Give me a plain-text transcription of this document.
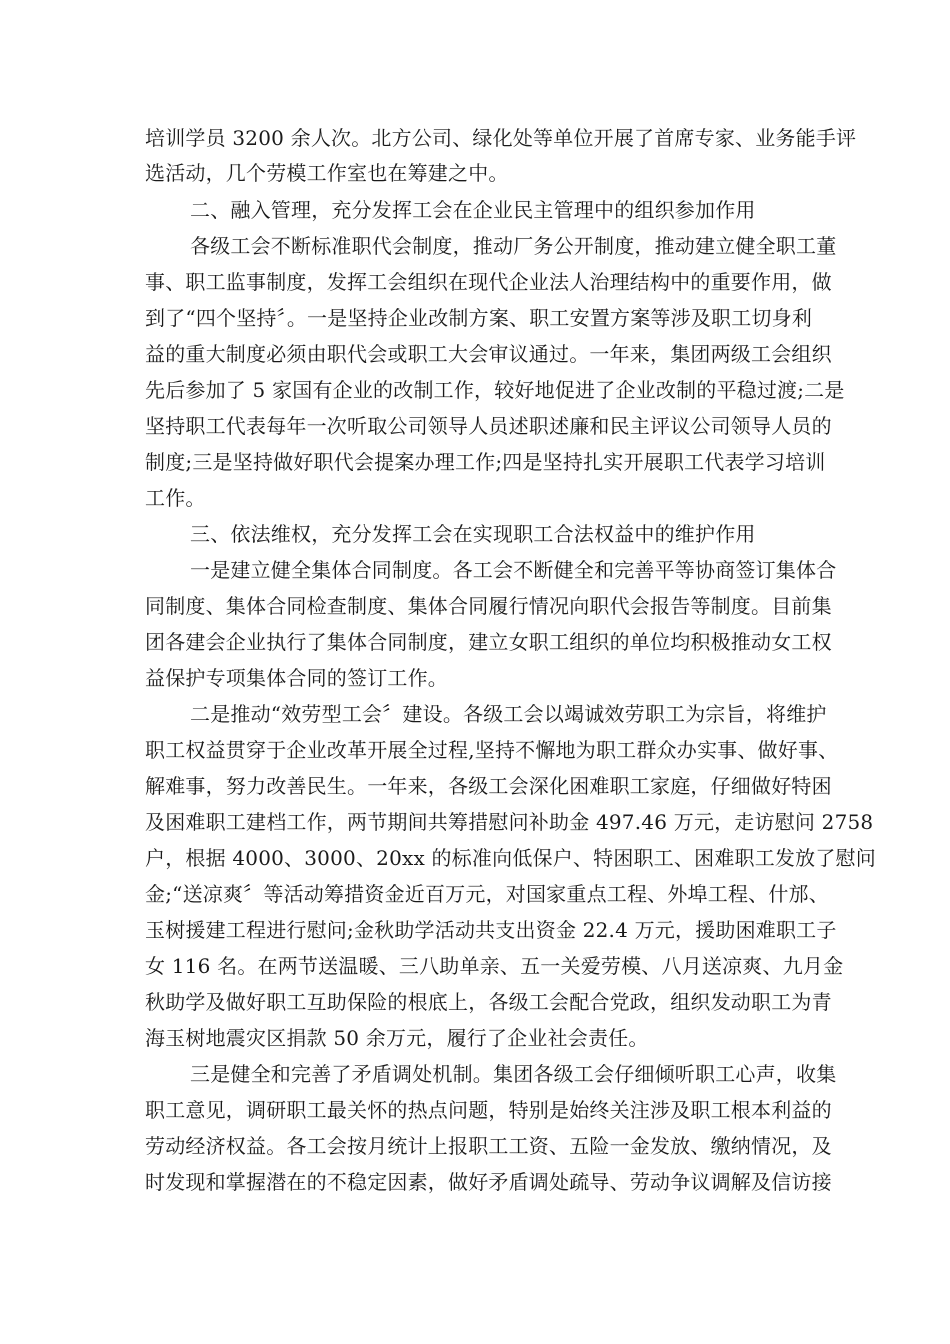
培训学员 3200 余人次。北方公司、绿化处等单位开展了首席专家、业务能手评
选活动，几个劳模工作室也在筹建之中。
二、融入管理，充分发挥工会在企业民主管理中的组织参加作用
各级工会不断标准职代会制度，推动厂务公开制度，推动建立健全职工董
事、职工监事制度，发挥工会组织在现代企业法人治理结构中的重要作用，做
到了“四个坚持〞。一是坚持企业改制方案、职工安置方案等涉及职工切身利
益的重大制度必须由职代会或职工大会审议通过。一年来，集团两级工会组织
先后参加了 5 家国有企业的改制工作，较好地促进了企业改制的平稳过渡;二是
坚持职工代表每年一次听取公司领导人员述职述廉和民主评议公司领导人员的
制度;三是坚持做好职代会提案办理工作;四是坚持扎实开展职工代表学习培训
工作。
三、依法维权，充分发挥工会在实现职工合法权益中的维护作用
一是建立健全集体合同制度。各工会不断健全和完善平等协商签订集体合
同制度、集体合同检查制度、集体合同履行情况向职代会报告等制度。目前集
团各建会企业执行了集体合同制度，建立女职工组织的单位均积极推动女工权
益保护专项集体合同的签订工作。
二是推动“效劳型工会〞建设。各级工会以竭诚效劳职工为宗旨，将维护
职工权益贯穿于企业改革开展全过程,坚持不懈地为职工群众办实事、做好事、
解难事，努力改善民生。一年来，各级工会深化困难职工家庭，仔细做好特困
及困难职工建档工作，两节期间共筹措慰问补助金 497.46 万元，走访慰问 2758
户，根据 4000、3000、20xx 的标准向低保户、特困职工、困难职工发放了慰问
金;“送凉爽〞等活动筹措资金近百万元，对国家重点工程、外埠工程、什邡、
玉树援建工程进行慰问;金秋助学活动共支出资金 22.4 万元，援助困难职工子
女 116 名。在两节送温暖、三八助单亲、五一关爱劳模、八月送凉爽、九月金
秋助学及做好职工互助保险的根底上，各级工会配合党政，组织发动职工为青
海玉树地震灾区捐款 50 余万元，履行了企业社会责任。
三是健全和完善了矛盾调处机制。集团各级工会仔细倾听职工心声，收集
职工意见，调研职工最关怀的热点问题，特别是始终关注涉及职工根本利益的
劳动经济权益。各工会按月统计上报职工工资、五险一金发放、缴纳情况，及
时发现和掌握潜在的不稳定因素，做好矛盾调处疏导、劳动争议调解及信访接
